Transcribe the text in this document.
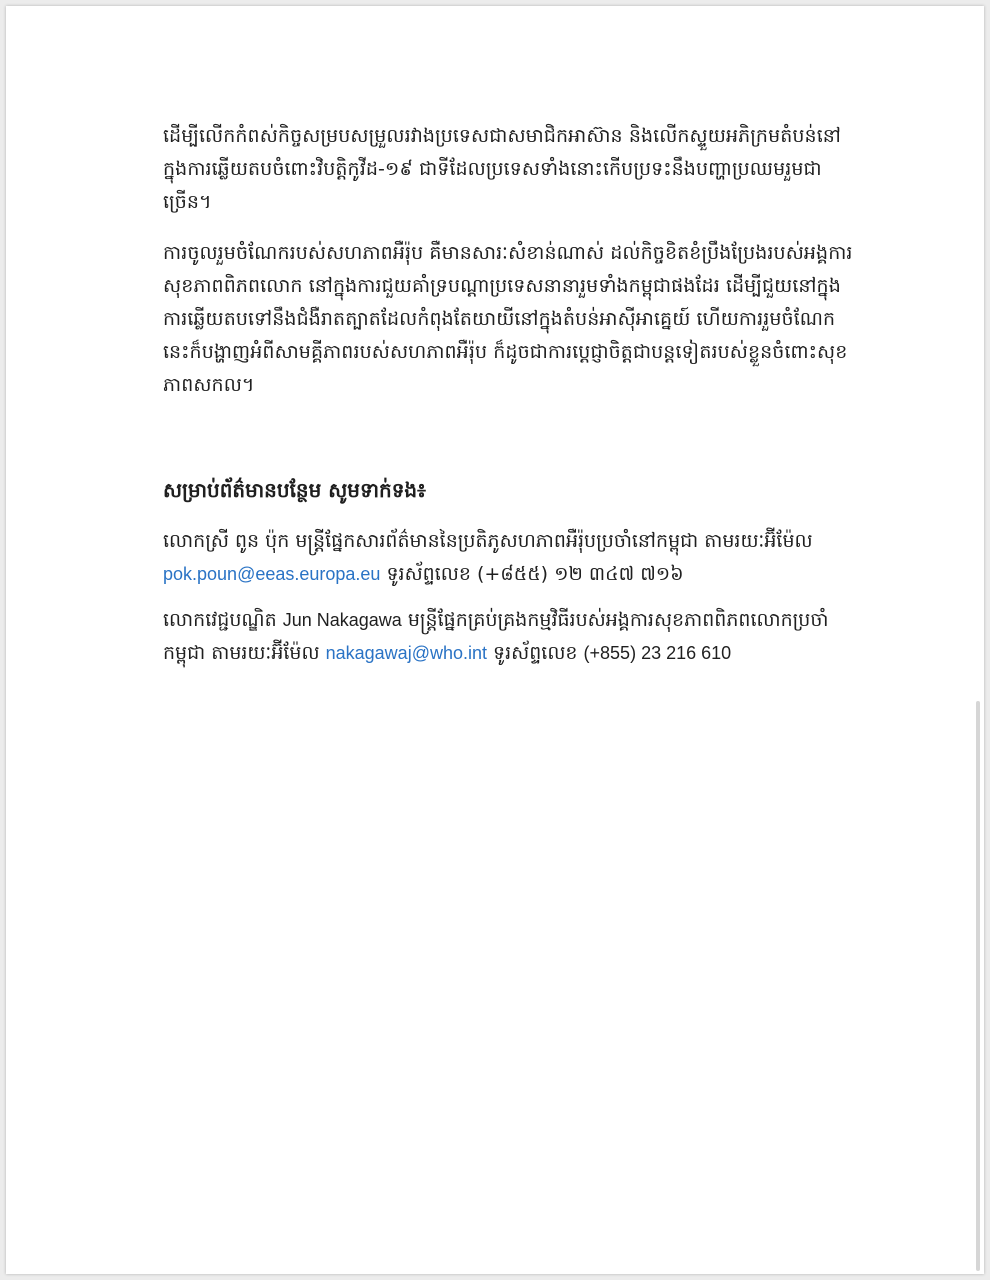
ដើម្បីលើកកំពស់កិច្ចសម្របសម្រួលរវាងប្រទេសជាសមាជិកអាស៊ាន និងលើកស្ទួយអភិក្រមតំបន់នៅក្នុងការឆ្លើយតបចំពោះវិបត្តិកូវីដ-១៩ ជាទីដែលប្រទេសទាំងនោះកើបប្រទះនឹងបញ្ហាប្រឈមរួមជាច្រើន។

ការចូលរួមចំណែករបស់សហភាពអឺរ៉ុប គឺមានសារៈសំខាន់ណាស់ ដល់កិច្ចខិតខំប្រឹងប្រែងរបស់អង្គការសុខភាពពិភពលោក នៅក្នុងការជួយគាំទ្របណ្តាប្រទេសនានារួមទាំងកម្ពុជាផងដែរ ដើម្បីជួយនៅក្នុងការឆ្លើយតបទៅនឹងជំងឺរាតត្បាតដែលកំពុងតែយាយីនៅក្នុងតំបន់អាស៊ីអាគ្នេយ៍ ហើយការរួមចំណែកនេះក៏បង្ហាញអំពីសាមគ្គីភាពរបស់សហភាពអឺរ៉ុប ក៏ដូចជាការប្តេជ្ញាចិត្តជាបន្តទៀតរបស់ខ្លួនចំពោះសុខភាពសកល។

សម្រាប់ព័ត៌មានបន្ថែម សូមទាក់ទង៖

លោកស្រី ពូន ប៉ុក មន្ត្រីផ្នែកសារព័ត៌មាននៃប្រតិភូសហភាពអឺរ៉ុបប្រចាំនៅកម្ពុជា តាមរយៈអ៊ីម៉ែល pok.poun@eeas.europa.eu ទូរស័ព្ទលេខ (+៨៥៥) ១២ ៣៤៧ ៧១៦

លោកវេជ្ជបណ្ឌិត Jun Nakagawa មន្ត្រីផ្នែកគ្រប់គ្រងកម្មវិធីរបស់អង្គការសុខភាពពិភពលោកប្រចាំកម្ពុជា តាមរយៈអ៊ីម៉ែល nakagawaj@who.int ទូរស័ព្ទលេខ (+855) 23 216 610
